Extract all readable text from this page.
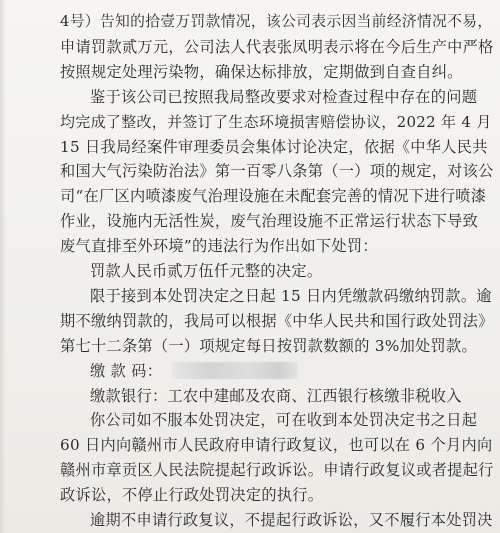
4号）告知的拾壹万罚款情况，该公司表示因当前经济情况不易，
申请罚款贰万元，公司法人代表张凤明表示将在今后生产中严格
按照规定处理污染物，确保达标排放，定期做到自查自纠。
鉴于该公司已按照我局整改要求对检查过程中存在的问题
均完成了整改，并签订了生态环境损害赔偿协议，2022 年 4 月
15 日我局经案件审理委员会集体讨论决定，依据《中华人民共
和国大气污染防治法》第一百零八条第（一）项的规定，对该公
司“在厂区内喷漆废气治理设施在未配套完善的情况下进行喷漆
作业，设施内无活性炭，废气治理设施不正常运行状态下导致
废气直排至外环境”的违法行为作出如下处罚：
罚款人民币贰万伍仟元整的决定。
限于接到本处罚决定之日起 15 日内凭缴款码缴纳罚款。逾
期不缴纳罚款的，我局可以根据《中华人民共和国行政处罚法》
第七十二条第（一）项规定每日按罚款数额的 3%加处罚款。
缴 款 码：
缴款银行：工农中建邮及农商、江西银行核缴非税收入
你公司如不服本处罚决定，可在收到本处罚决定书之日起
60 日内向赣州市人民政府申请行政复议，也可以在 6 个月内向
赣州市章贡区人民法院提起行政诉讼。申请行政复议或者提起行
政诉讼，不停止行政处罚决定的执行。
逾期不申请行政复议，不提起行政诉讼，又不履行本处罚决
